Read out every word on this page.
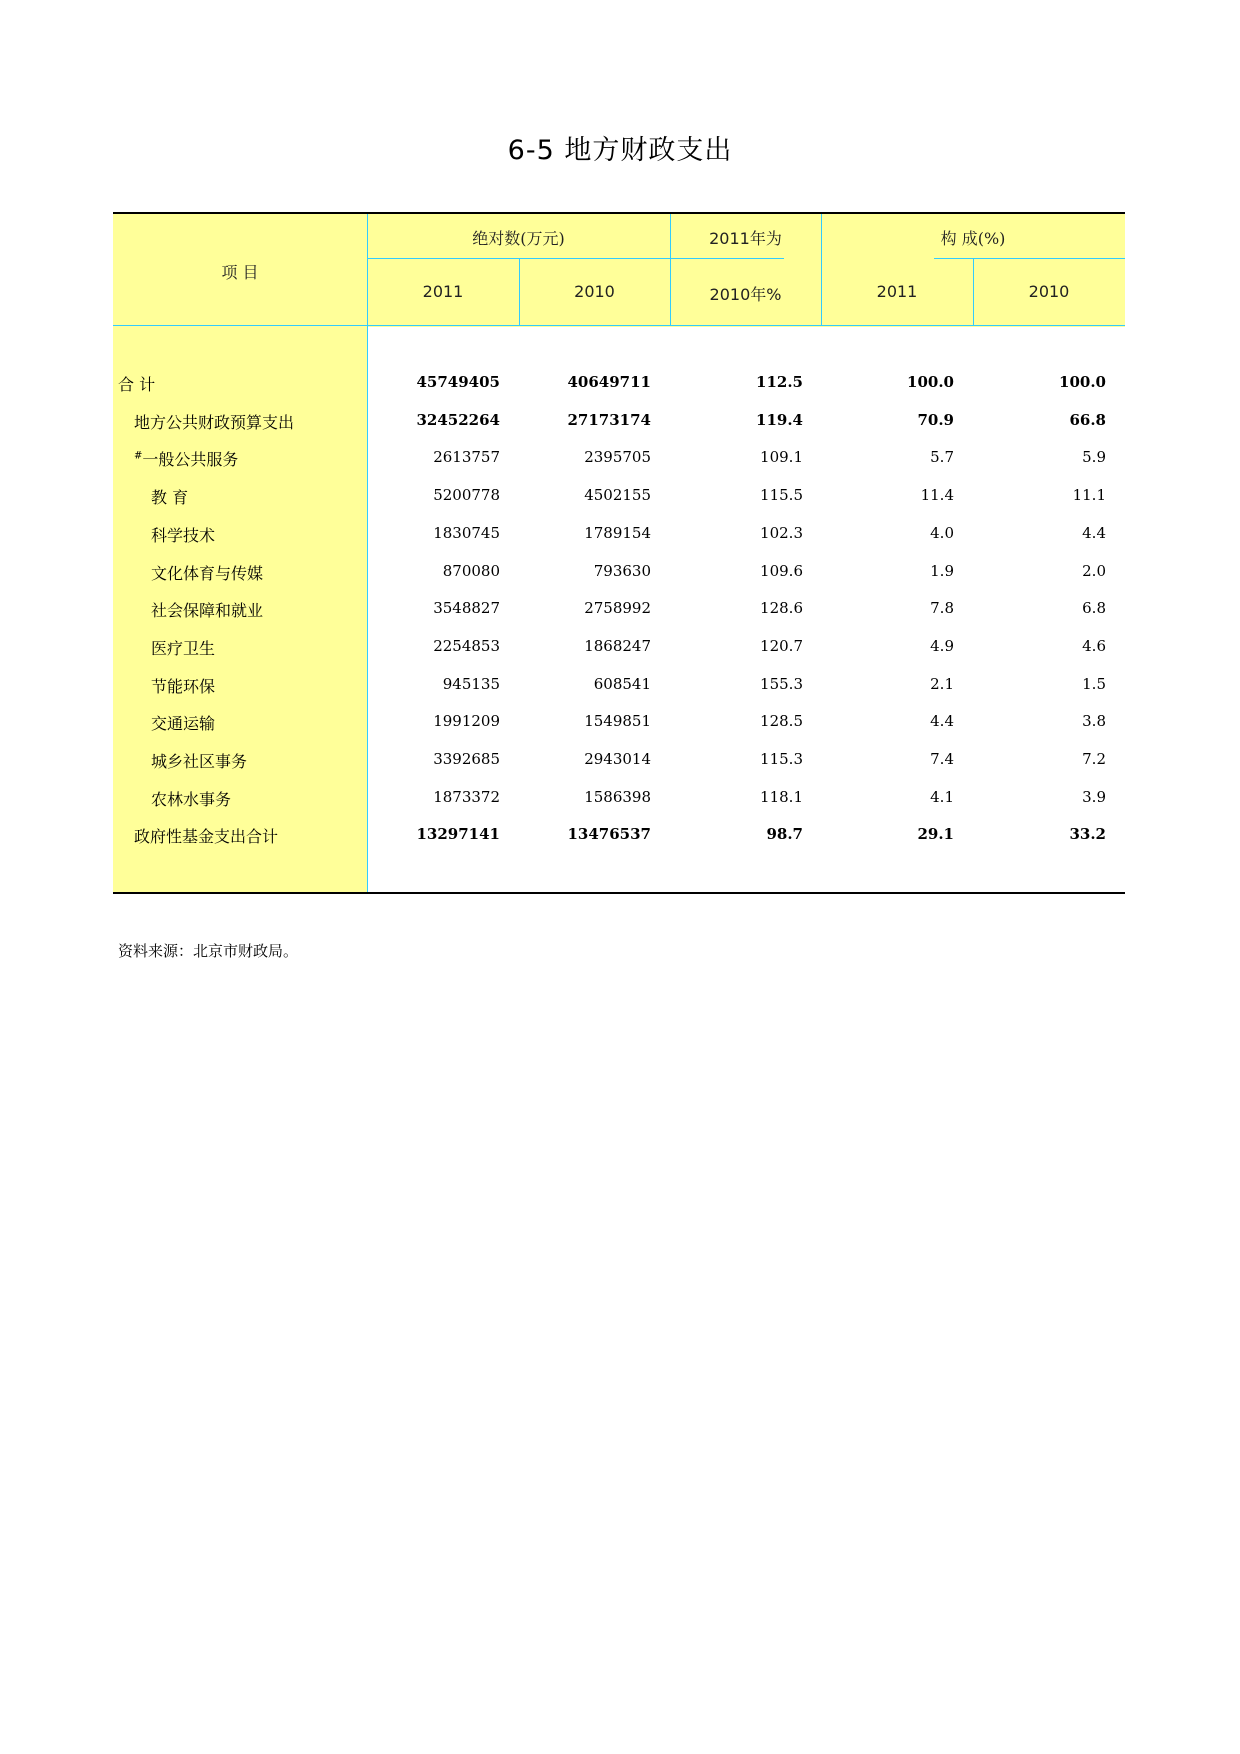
6-5 地方财政支出
项 目
绝对数(万元)	2011年为
2010年%
构 成(%)
2011	2010	2011	2010
合 计	45749405	40649711	112.5	100.0	100.0
地方公共财政预算支出	32452264	27173174	119.4	70.9	66.8
#一般公共服务	2613757	2395705	109.1	5.7	5.9
教 育	5200778	4502155	115.5	11.4	11.1
科学技术	1830745	1789154	102.3	4.0	4.4
文化体育与传媒	870080	793630	109.6	1.9	2.0
社会保障和就业	3548827	2758992	128.6	7.8	6.8
医疗卫生	2254853	1868247	120.7	4.9	4.6
节能环保	945135	608541	155.3	2.1	1.5
交通运输	1991209	1549851	128.5	4.4	3.8
城乡社区事务	3392685	2943014	115.3	7.4	7.2
农林水事务	1873372	1586398	118.1	4.1	3.9
政府性基金支出合计	13297141	13476537	98.7	29.1	33.2
资料来源：北京市财政局。
